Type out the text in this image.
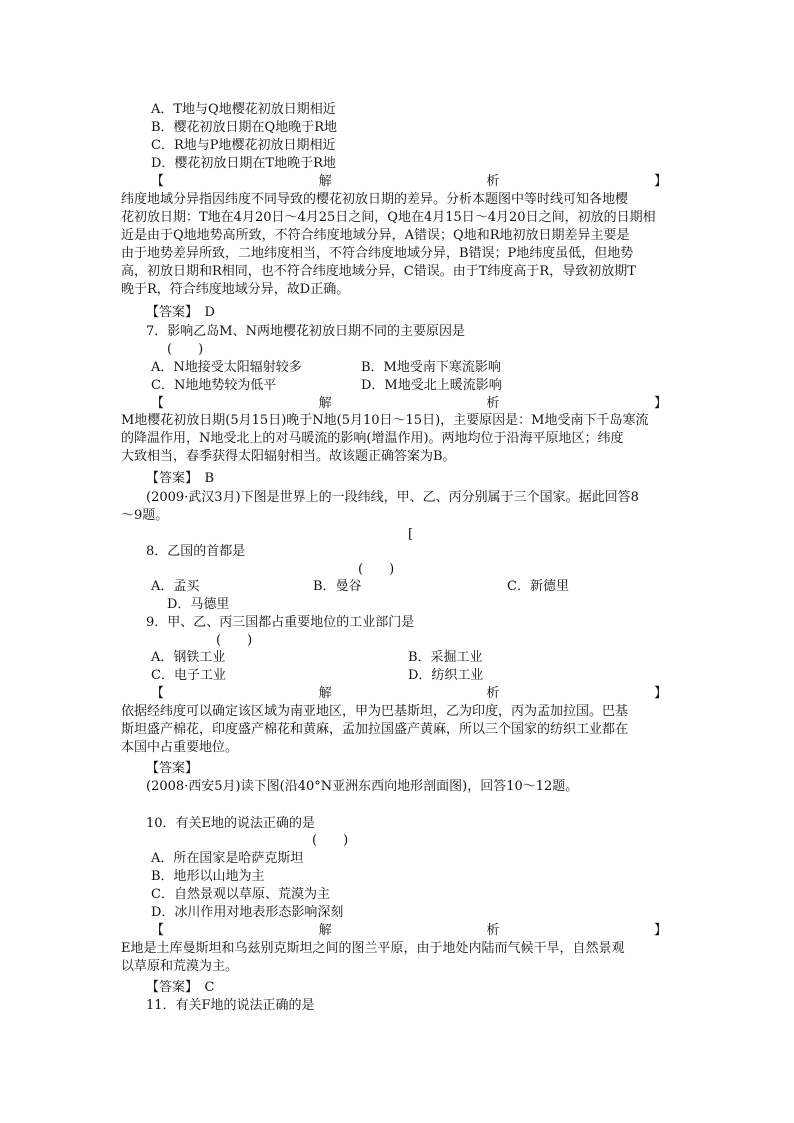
A．T地与Q地樱花初放日期相近
B．樱花初放日期在Q地晚于R地
C．R地与P地樱花初放日期相近
D．樱花初放日期在T地晚于R地
【	解	析	】
纬度地域分异指因纬度不同导致的樱花初放日期的差异。分析本题图中等时线可知各地樱
花初放日期：T地在4月20日～4月25日之间，Q地在4月15日～4月20日之间，初放的日期相
近是由于Q地地势高所致，不符合纬度地域分异，A错误；Q地和R地初放日期差异主要是
由于地势差异所致，二地纬度相当，不符合纬度地域分异，B错误；P地纬度虽低，但地势
高，初放日期和R相同，也不符合纬度地域分异，C错误。由于T纬度高于R，导致初放期T
晚于R，符合纬度地域分异，故D正确。
【答案】　D
7．影响乙岛M、N两地樱花初放日期不同的主要原因是
(　　)
A．N地接受太阳辐射较多	B．M地受南下寒流影响
C．N地地势较为低平	D．M地受北上暖流影响
【	解	析	】
M地樱花初放日期(5月15日)晚于N地(5月10日～15日)，主要原因是：M地受南下千岛寒流
的降温作用，N地受北上的对马暖流的影响(增温作用)。两地均位于沿海平原地区；纬度
大致相当，春季获得太阳辐射相当。故该题正确答案为B。
【答案】　B
(2009·武汉3月)下图是世界上的一段纬线，甲、乙、丙分别属于三个国家。据此回答8
～9题。
[
8．乙国的首都是
(　　)
A．孟买	B．曼谷	C．新德里
D．马德里
9．甲、乙、丙三国都占重要地位的工业部门是
(　　)
A．钢铁工业	B．采掘工业
C．电子工业	D．纺织工业
【	解	析	】
依据经纬度可以确定该区域为南亚地区，甲为巴基斯坦，乙为印度，丙为孟加拉国。巴基
斯坦盛产棉花，印度盛产棉花和黄麻，孟加拉国盛产黄麻，所以三个国家的纺织工业都在
本国中占重要地位。
【答案】
(2008·西安5月)读下图(沿40°N亚洲东西向地形剖面图)，回答10～12题。
10．有关E地的说法正确的是
(　　)
A．所在国家是哈萨克斯坦
B．地形以山地为主
C．自然景观以草原、荒漠为主
D．冰川作用对地表形态影响深刻
【	解	析	】
E地是土库曼斯坦和乌兹别克斯坦之间的图兰平原，由于地处内陆而气候干旱，自然景观
以草原和荒漠为主。
【答案】　C
11．有关F地的说法正确的是
